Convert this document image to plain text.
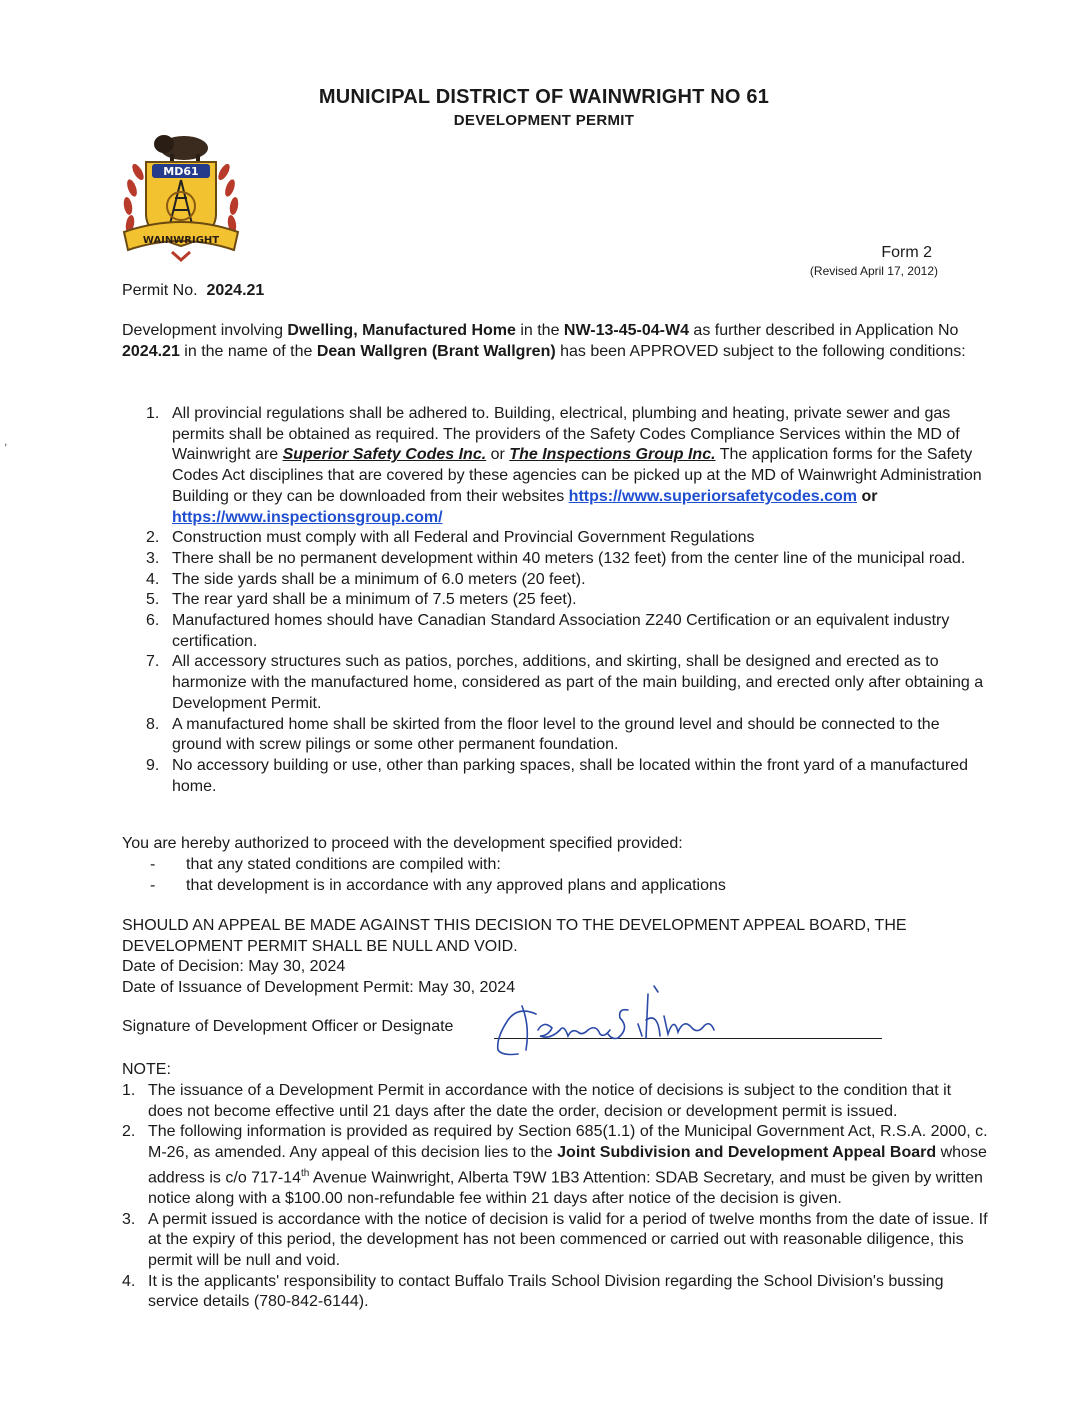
MUNICIPAL DISTRICT OF WAINWRIGHT NO 61
DEVELOPMENT PERMIT
MD61
WAINWRIGHT
Form 2
(Revised April 17, 2012)
Permit No. 2024.21
,
Development involving Dwelling, Manufactured Home in the NW-13-45-04-W4 as further described in Application No 2024.21 in the name of the Dean Wallgren (Brant Wallgren) has been APPROVED subject to the following conditions:
1. All provincial regulations shall be adhered to. Building, electrical, plumbing and heating, private sewer and gas permits shall be obtained as required. The providers of the Safety Codes Compliance Services within the MD of Wainwright are Superior Safety Codes Inc. or The Inspections Group Inc. The application forms for the Safety Codes Act disciplines that are covered by these agencies can be picked up at the MD of Wainwright Administration Building or they can be downloaded from their websites https://www.superiorsafetycodes.com or https://www.inspectionsgroup.com/
2. Construction must comply with all Federal and Provincial Government Regulations
3. There shall be no permanent development within 40 meters (132 feet) from the center line of the municipal road.
4. The side yards shall be a minimum of 6.0 meters (20 feet).
5. The rear yard shall be a minimum of 7.5 meters (25 feet).
6. Manufactured homes should have Canadian Standard Association Z240 Certification or an equivalent industry certification.
7. All accessory structures such as patios, porches, additions, and skirting, shall be designed and erected as to harmonize with the manufactured home, considered as part of the main building, and erected only after obtaining a Development Permit.
8. A manufactured home shall be skirted from the floor level to the ground level and should be connected to the ground with screw pilings or some other permanent foundation.
9. No accessory building or use, other than parking spaces, shall be located within the front yard of a manufactured home.
You are hereby authorized to proceed with the development specified provided:
-	that any stated conditions are compiled with:
-	that development is in accordance with any approved plans and applications
SHOULD AN APPEAL BE MADE AGAINST THIS DECISION TO THE DEVELOPMENT APPEAL BOARD, THE DEVELOPMENT PERMIT SHALL BE NULL AND VOID.
Date of Decision: May 30, 2024
Date of Issuance of Development Permit: May 30, 2024
Signature of Development Officer or Designate
NOTE:
1. The issuance of a Development Permit in accordance with the notice of decisions is subject to the condition that it does not become effective until 21 days after the date the order, decision or development permit is issued.
2. The following information is provided as required by Section 685(1.1) of the Municipal Government Act, R.S.A. 2000, c. M-26, as amended. Any appeal of this decision lies to the Joint Subdivision and Development Appeal Board whose address is c/o 717-14th Avenue Wainwright, Alberta T9W 1B3 Attention: SDAB Secretary, and must be given by written notice along with a $100.00 non-refundable fee within 21 days after notice of the decision is given.
3. A permit issued is accordance with the notice of decision is valid for a period of twelve months from the date of issue. If at the expiry of this period, the development has not been commenced or carried out with reasonable diligence, this permit will be null and void.
4. It is the applicants' responsibility to contact Buffalo Trails School Division regarding the School Division's bussing service details (780-842-6144).
